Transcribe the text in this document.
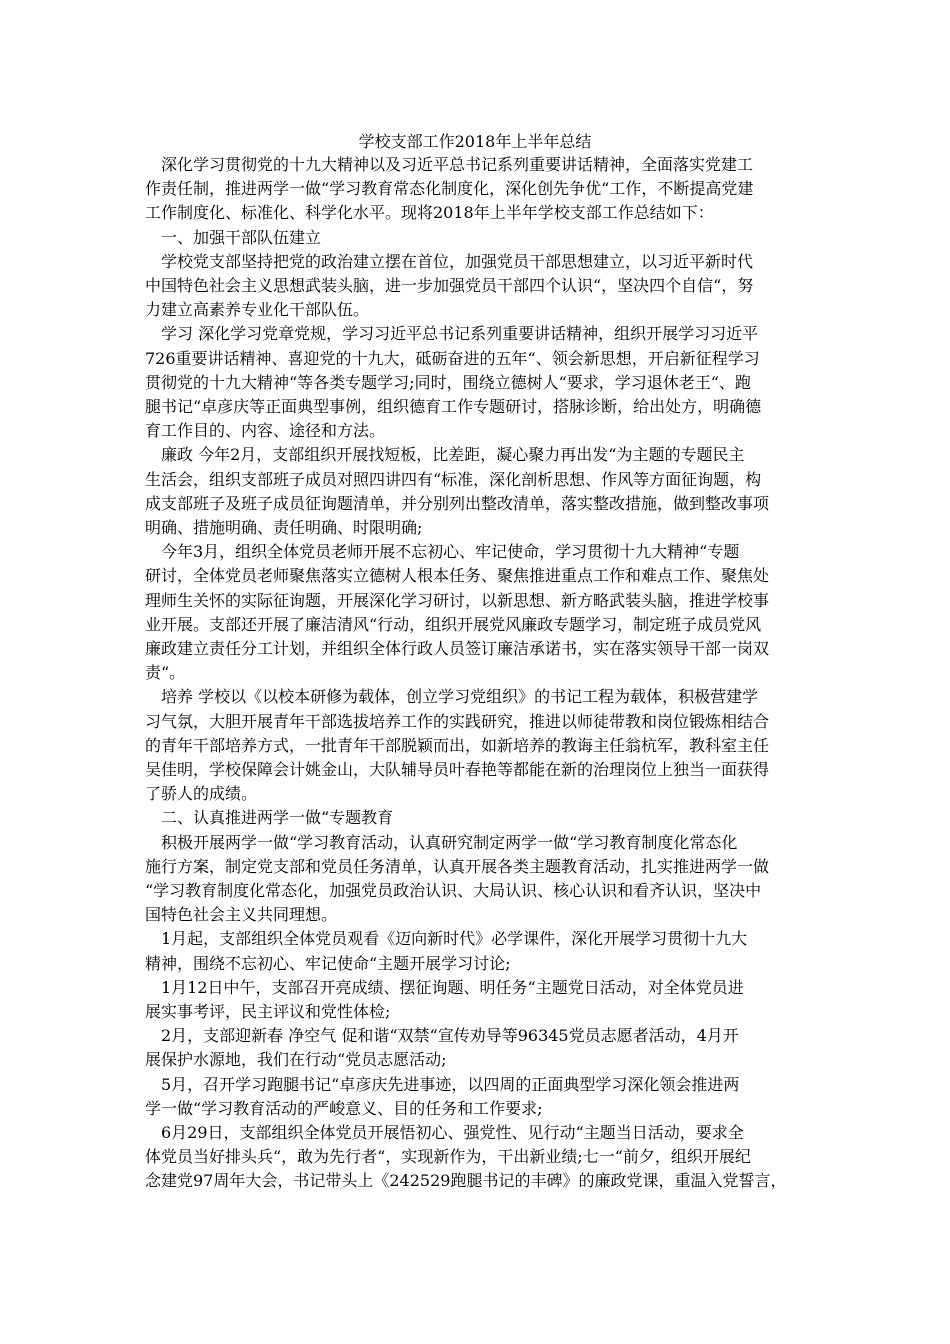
学校支部工作2018年上半年总结
　深化学习贯彻党的十九大精神以及习近平总书记系列重要讲话精神，全面落实党建工
作责任制，推进两学一做“学习教育常态化制度化，深化创先争优“工作，不断提高党建
工作制度化、标准化、科学化水平。现将2018年上半年学校支部工作总结如下：
　一、加强干部队伍建立
　学校党支部坚持把党的政治建立摆在首位，加强党员干部思想建立，以习近平新时代
中国特色社会主义思想武装头脑，进一步加强党员干部四个认识“，坚决四个自信“，努
力建立高素养专业化干部队伍。
　学习 深化学习党章党规，学习习近平总书记系列重要讲话精神，组织开展学习习近平
726重要讲话精神、喜迎党的十九大，砥砺奋进的五年“、领会新思想，开启新征程学习
贯彻党的十九大精神“等各类专题学习;同时，围绕立德树人“要求，学习退休老王“、跑
腿书记“卓彦庆等正面典型事例，组织德育工作专题研讨，搭脉诊断，给出处方，明确德
育工作目的、内容、途径和方法。
　廉政 今年2月，支部组织开展找短板，比差距，凝心聚力再出发“为主题的专题民主
生活会，组织支部班子成员对照四讲四有“标准，深化剖析思想、作风等方面征询题，构
成支部班子及班子成员征询题清单，并分别列出整改清单，落实整改措施，做到整改事项
明确、措施明确、责任明确、时限明确;
　今年3月，组织全体党员老师开展不忘初心、牢记使命，学习贯彻十九大精神“专题
研讨，全体党员老师聚焦落实立德树人根本任务、聚焦推进重点工作和难点工作、聚焦处
理师生关怀的实际征询题，开展深化学习研讨，以新思想、新方略武装头脑，推进学校事
业开展。支部还开展了廉洁清风“行动，组织开展党风廉政专题学习，制定班子成员党风
廉政建立责任分工计划，并组织全体行政人员签订廉洁承诺书，实在落实领导干部一岗双
责“。
　培养 学校以《以校本研修为载体，创立学习党组织》的书记工程为载体，积极营建学
习气氛，大胆开展青年干部选拔培养工作的实践研究，推进以师徒带教和岗位锻炼相结合
的青年干部培养方式，一批青年干部脱颖而出，如新培养的教诲主任翁杭军，教科室主任
吴佳明，学校保障会计姚金山，大队辅导员叶春艳等都能在新的治理岗位上独当一面获得
了骄人的成绩。
　二、认真推进两学一做“专题教育
　积极开展两学一做“学习教育活动，认真研究制定两学一做“学习教育制度化常态化
施行方案，制定党支部和党员任务清单，认真开展各类主题教育活动，扎实推进两学一做
“学习教育制度化常态化，加强党员政治认识、大局认识、核心认识和看齐认识，坚决中
国特色社会主义共同理想。
　1月起，支部组织全体党员观看《迈向新时代》必学课件，深化开展学习贯彻十九大
精神，围绕不忘初心、牢记使命“主题开展学习讨论;
　1月12日中午，支部召开亮成绩、摆征询题、明任务“主题党日活动，对全体党员进
展实事考评，民主评议和党性体检;
　2月，支部迎新春 净空气 促和谐“双禁“宣传劝导等96345党员志愿者活动，4月开
展保护水源地，我们在行动“党员志愿活动;
　5月，召开学习跑腿书记“卓彦庆先进事迹，以四周的正面典型学习深化领会推进两
学一做“学习教育活动的严峻意义、目的任务和工作要求;
　6月29日，支部组织全体党员开展悟初心、强党性、见行动“主题当日活动，要求全
体党员当好排头兵“，敢为先行者“，实现新作为，干出新业绩;七一“前夕，组织开展纪
念建党97周年大会，书记带头上《242529跑腿书记的丰碑》的廉政党课，重温入党誓言，
